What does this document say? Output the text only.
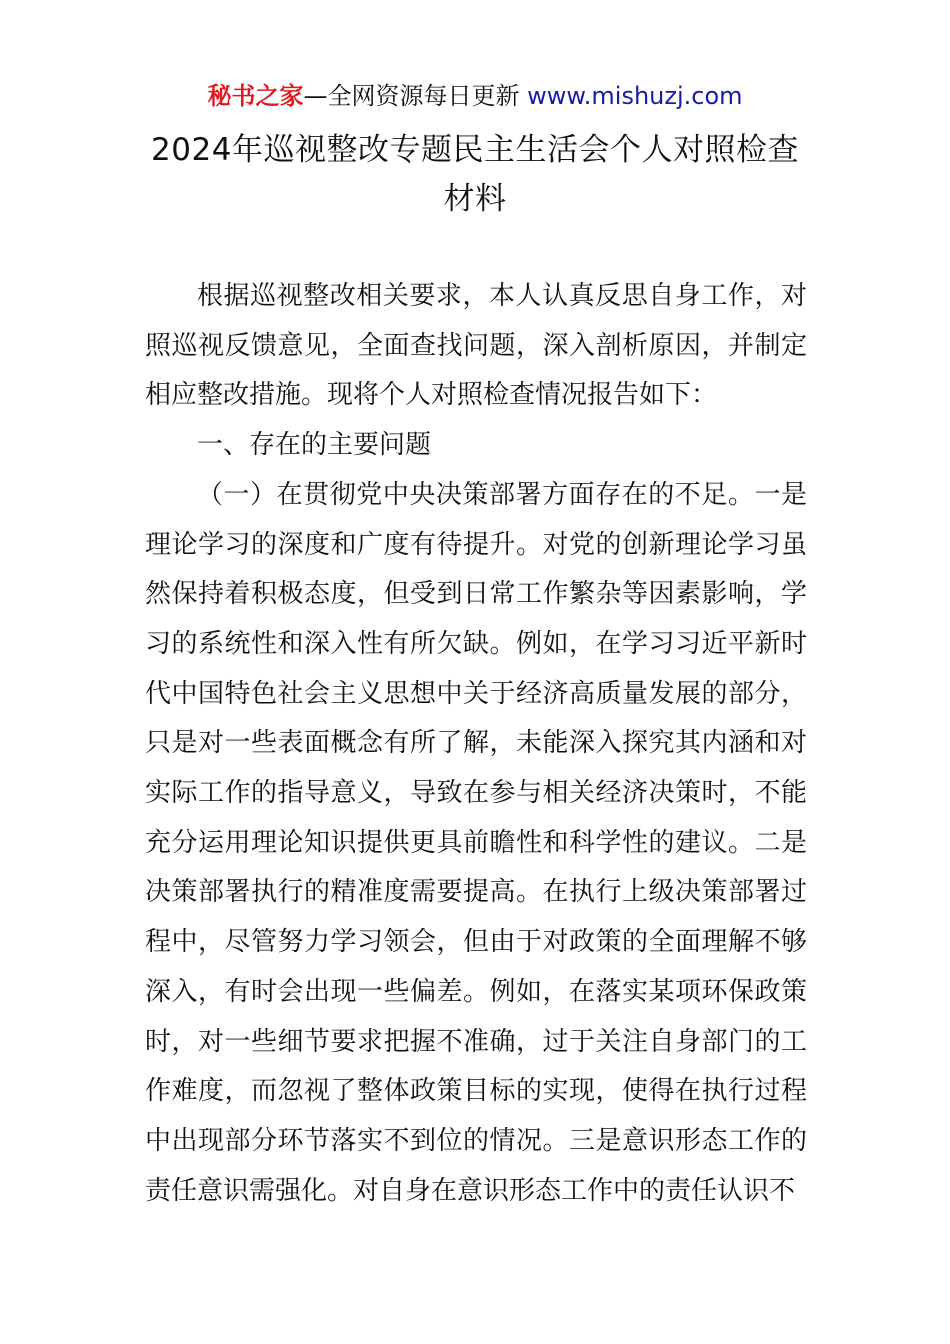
秘书之家—全网资源每日更新 www.mishuzj.com
2024年巡视整改专题民主生活会个人对照检查材料

根据巡视整改相关要求，本人认真反思自身工作，对照巡视反馈意见，全面查找问题，深入剖析原因，并制定相应整改措施。现将个人对照检查情况报告如下：

一、存在的主要问题

（一）在贯彻党中央决策部署方面存在的不足。一是理论学习的深度和广度有待提升。对党的创新理论学习虽然保持着积极态度，但受到日常工作繁杂等因素影响，学习的系统性和深入性有所欠缺。例如，在学习习近平新时代中国特色社会主义思想中关于经济高质量发展的部分，只是对一些表面概念有所了解，未能深入探究其内涵和对实际工作的指导意义，导致在参与相关经济决策时，不能充分运用理论知识提供更具前瞻性和科学性的建议。二是决策部署执行的精准度需要提高。在执行上级决策部署过程中，尽管努力学习领会，但由于对政策的全面理解不够深入，有时会出现一些偏差。例如，在落实某项环保政策时，对一些细节要求把握不准确，过于关注自身部门的工作难度，而忽视了整体政策目标的实现，使得在执行过程中出现部分环节落实不到位的情况。三是意识形态工作的责任意识需强化。对自身在意识形态工作中的责任认识不
